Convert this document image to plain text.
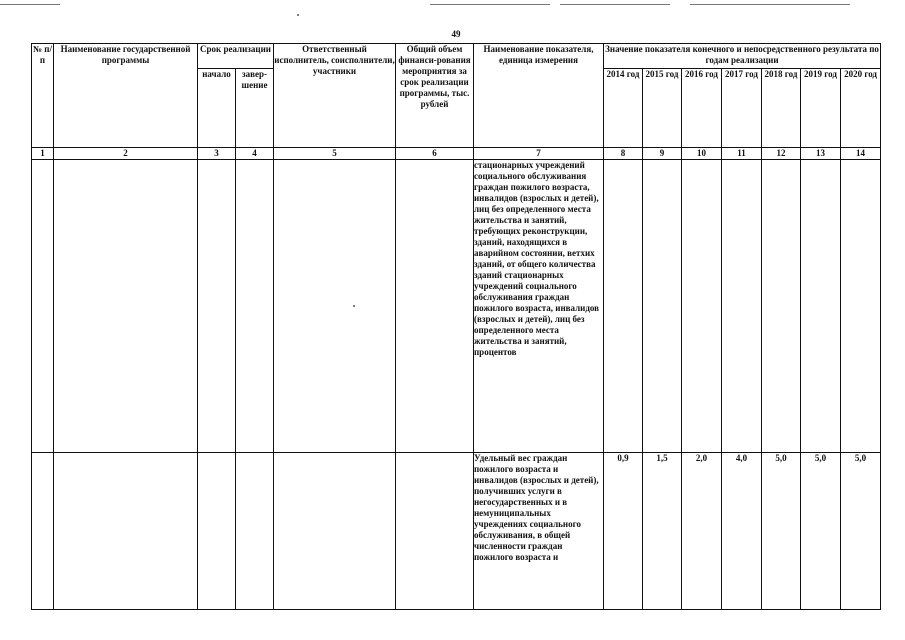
49
№ п/п	Наименование государственной программы	Срок реализации		Ответственный исполнитель, соисполнители, участники	Общий объем финанси-рования мероприятия за срок реализации программы, тыс. рублей	Наименование показателя, единица измерения	Значение показателя конечного и непосредственного результата по годам реализации						
		начало	завер-шение				2014 год	2015 год	2016 год	2017 год	2018 год	2019 год	2020 год
1	2	3	4	5	6	7	8	9	10	11	12	13	14
						стационарных учреждений социального обслуживания граждан пожилого возраста, инвалидов (взрослых и детей), лиц без определенного места жительства и занятий, требующих реконструкции, зданий, находящихся в аварийном состоянии, ветхих зданий, от общего количества зданий стационарных учреждений социального обслуживания граждан пожилого возраста, инвалидов (взрослых и детей), лиц без определенного места жительства и занятий, процентов							
						Удельный вес граждан пожилого возраста и инвалидов (взрослых и детей), получивших услуги в негосударственных и в немуниципальных учреждениях социального обслуживания, в общей численности граждан пожилого возраста и	0,9	1,5	2,0	4,0	5,0	5,0	5,0
